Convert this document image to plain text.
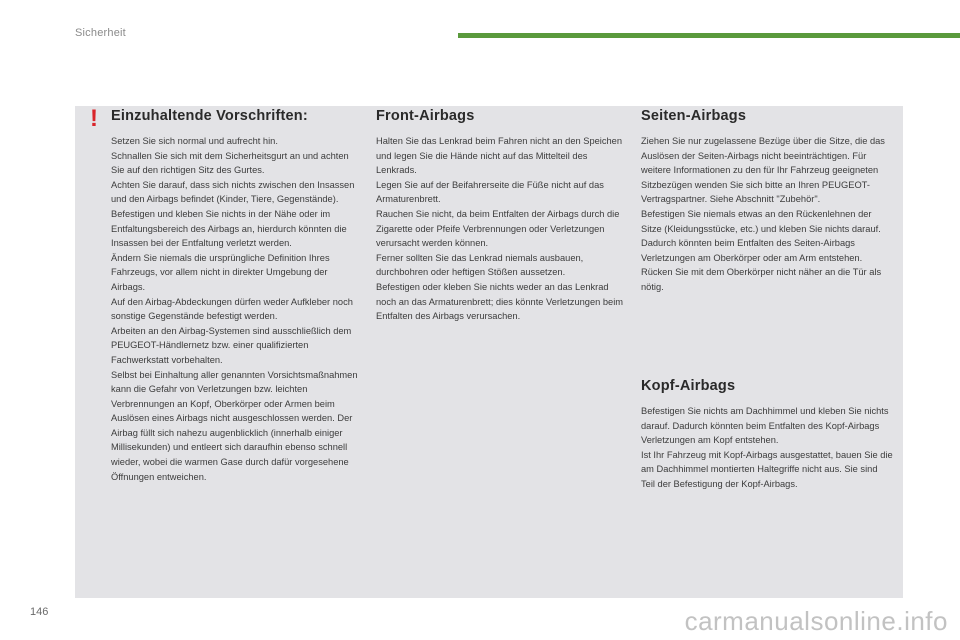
Sicherheit
! Einzuhaltende Vorschriften:

Setzen Sie sich normal und aufrecht hin.
Schnallen Sie sich mit dem Sicherheitsgurt an und achten Sie auf den richtigen Sitz des Gurtes.
Achten Sie darauf, dass sich nichts zwischen den Insassen und den Airbags befindet (Kinder, Tiere, Gegenstände). Befestigen und kleben Sie nichts in der Nähe oder im Entfaltungsbereich des Airbags an, hierdurch könnten die Insassen bei der Entfaltung verletzt werden.
Ändern Sie niemals die ursprüngliche Definition Ihres Fahrzeugs, vor allem nicht in direkter Umgebung der Airbags.
Auf den Airbag-Abdeckungen dürfen weder Aufkleber noch sonstige Gegenstände befestigt werden.
Arbeiten an den Airbag-Systemen sind ausschließlich dem PEUGEOT-Händlernetz bzw. einer qualifizierten Fachwerkstatt vorbehalten.
Selbst bei Einhaltung aller genannten Vorsichtsmaßnahmen kann die Gefahr von Verletzungen bzw. leichten Verbrennungen an Kopf, Oberkörper oder Armen beim Auslösen eines Airbags nicht ausgeschlossen werden. Der Airbag füllt sich nahezu augenblicklich (innerhalb einiger Millisekunden) und entleert sich daraufhin ebenso schnell wieder, wobei die warmen Gase durch dafür vorgesehene Öffnungen entweichen.

Front-Airbags

Halten Sie das Lenkrad beim Fahren nicht an den Speichen und legen Sie die Hände nicht auf das Mittelteil des Lenkrads.
Legen Sie auf der Beifahrerseite die Füße nicht auf das Armaturenbrett.
Rauchen Sie nicht, da beim Entfalten der Airbags durch die Zigarette oder Pfeife Verbrennungen oder Verletzungen verursacht werden können.
Ferner sollten Sie das Lenkrad niemals ausbauen, durchbohren oder heftigen Stößen aussetzen.
Befestigen oder kleben Sie nichts weder an das Lenkrad noch an das Armaturenbrett; dies könnte Verletzungen beim Entfalten des Airbags verursachen.

Seiten-Airbags

Ziehen Sie nur zugelassene Bezüge über die Sitze, die das Auslösen der Seiten-Airbags nicht beeinträchtigen. Für weitere Informationen zu den für Ihr Fahrzeug geeigneten Sitzbezügen wenden Sie sich bitte an Ihren PEUGEOT-Vertragspartner. Siehe Abschnitt "Zubehör".
Befestigen Sie niemals etwas an den Rückenlehnen der Sitze (Kleidungsstücke, etc.) und kleben Sie nichts darauf. Dadurch könnten beim Entfalten des Seiten-Airbags Verletzungen am Oberkörper oder am Arm entstehen.
Rücken Sie mit dem Oberkörper nicht näher an die Tür als nötig.

Kopf-Airbags

Befestigen Sie nichts am Dachhimmel und kleben Sie nichts darauf. Dadurch könnten beim Entfalten des Kopf-Airbags Verletzungen am Kopf entstehen.
Ist Ihr Fahrzeug mit Kopf-Airbags ausgestattet, bauen Sie die am Dachhimmel montierten Haltegriffe nicht aus. Sie sind Teil der Befestigung der Kopf-Airbags.

146	carmanualsonline.info
